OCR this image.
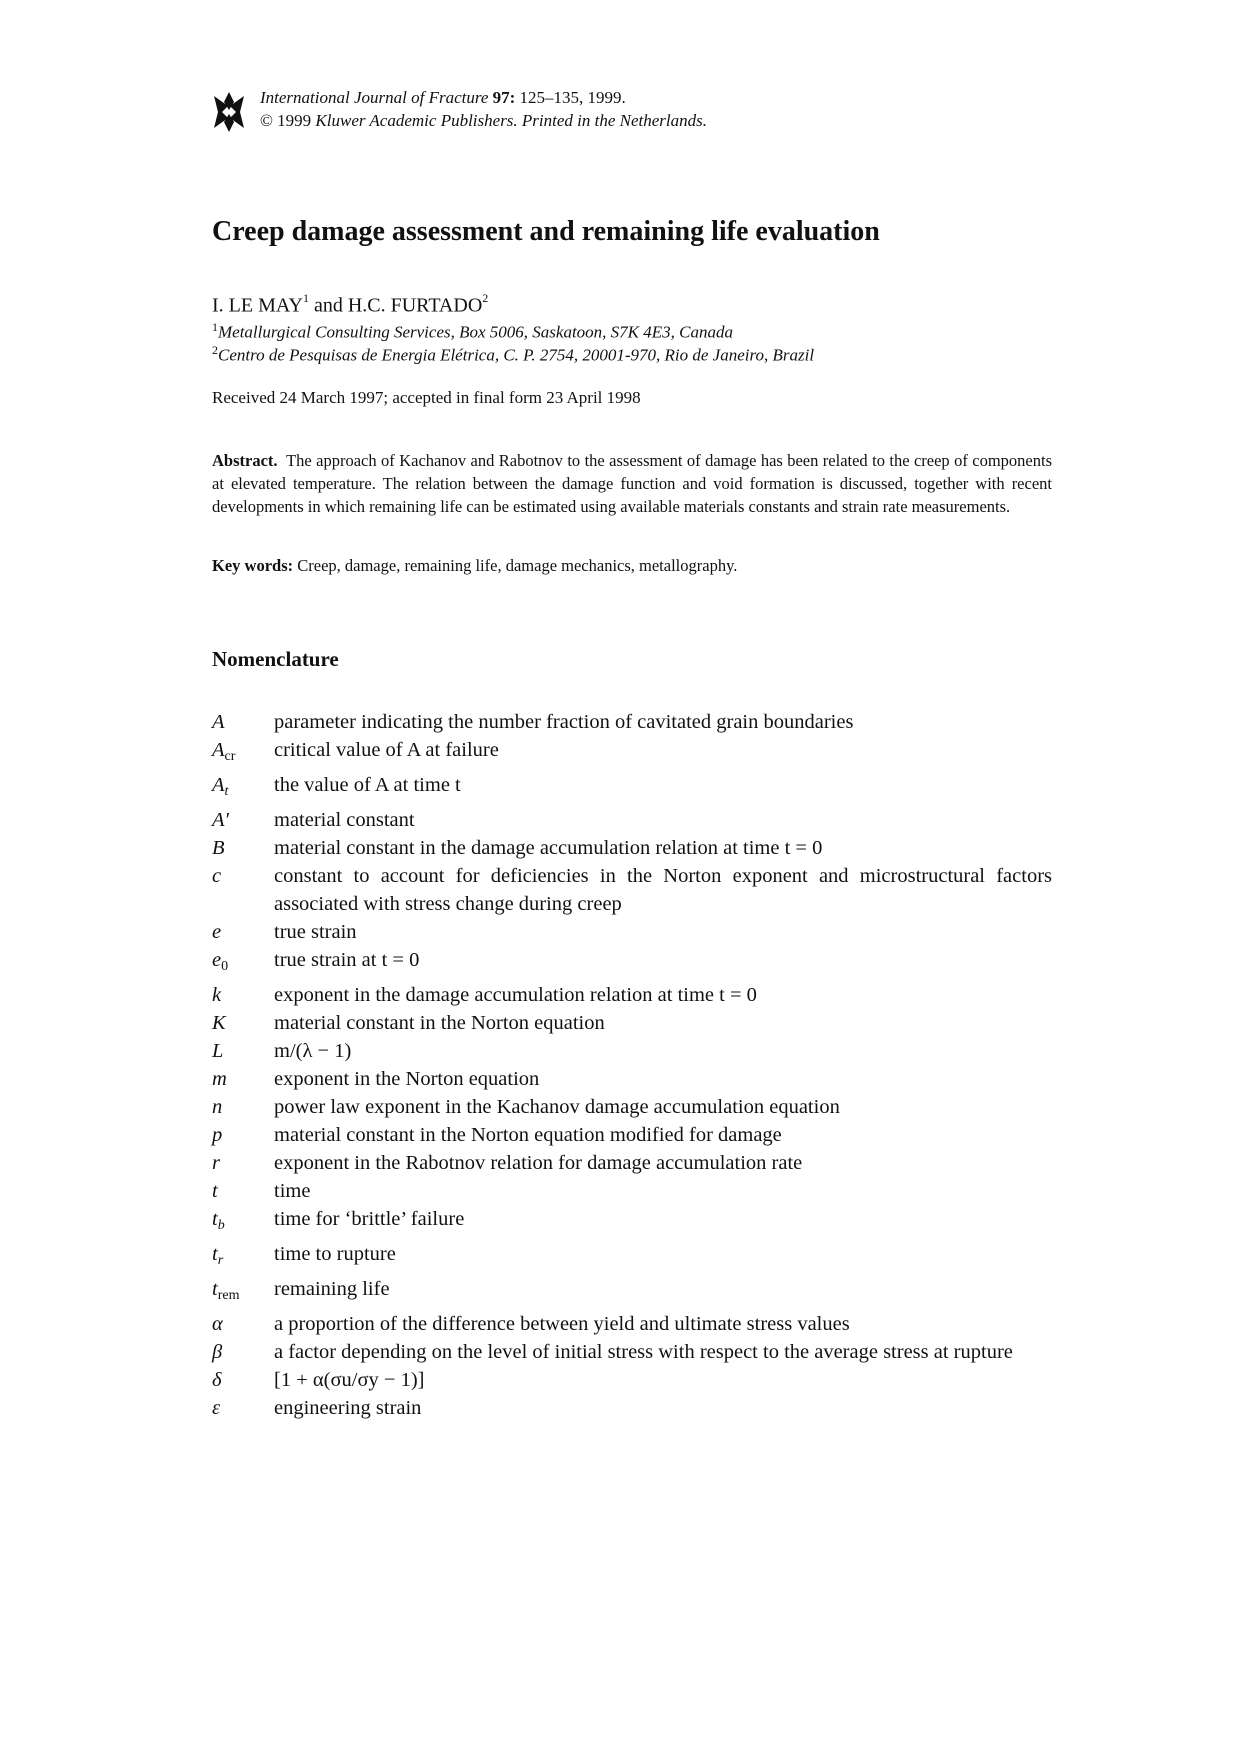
International Journal of Fracture 97: 125–135, 1999.
© 1999 Kluwer Academic Publishers. Printed in the Netherlands.
Creep damage assessment and remaining life evaluation
I. LE MAY$^1$ and H.C. FURTADO$^2$
$^1$Metallurgical Consulting Services, Box 5006, Saskatoon, S7K 4E3, Canada
$^2$Centro de Pesquisas de Energia Elétrica, C. P. 2754, 20001-970, Rio de Janeiro, Brazil
Received 24 March 1997; accepted in final form 23 April 1998
Abstract. The approach of Kachanov and Rabotnov to the assessment of damage has been related to the creep of components at elevated temperature. The relation between the damage function and void formation is discussed, together with recent developments in which remaining life can be estimated using available materials constants and strain rate measurements.
Key words: Creep, damage, remaining life, damage mechanics, metallography.
Nomenclature
A	parameter indicating the number fraction of cavitated grain boundaries
$A_{cr}$	critical value of A at failure
At	the value of A at time t
A′	material constant
B	material constant in the damage accumulation relation at time t = 0
c	constant to account for deficiencies in the Norton exponent and microstructural factors associated with stress change during creep
e	true strain
$e_0$	true strain at t = 0
k	exponent in the damage accumulation relation at time t = 0
K	material constant in the Norton equation
L	m/(λ − 1)
m	exponent in the Norton equation
n	power law exponent in the Kachanov damage accumulation equation
p	material constant in the Norton equation modified for damage
r	exponent in the Rabotnov relation for damage accumulation rate
t	time
tb	time for ‘brittle’ failure
tr	time to rupture
$t_{rem}$	remaining life
α	a proportion of the difference between yield and ultimate stress values
β	a factor depending on the level of initial stress with respect to the average stress at rupture
δ	[1 + α(σu/σy − 1)]
ε	engineering strain
